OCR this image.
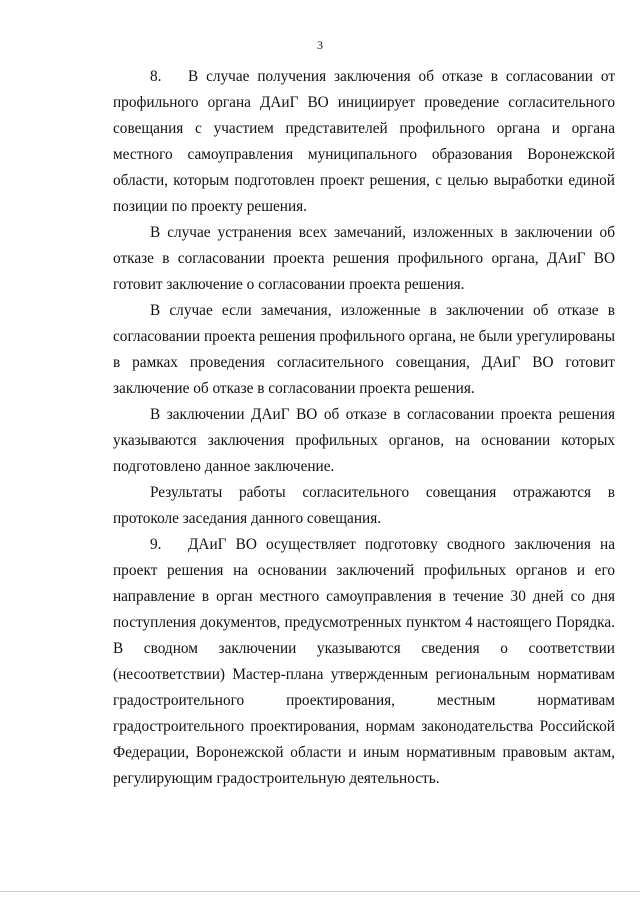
3

8. В случае получения заключения об отказе в согласовании от профильного органа ДАиГ ВО инициирует проведение согласительного совещания с участием представителей профильного органа и органа местного самоуправления муниципального образования Воронежской области, которым подготовлен проект решения, с целью выработки единой позиции по проекту решения.

В случае устранения всех замечаний, изложенных в заключении об отказе в согласовании проекта решения профильного органа, ДАиГ ВО готовит заключение о согласовании проекта решения.

В случае если замечания, изложенные в заключении об отказе в согласовании проекта решения профильного органа, не были урегулированы в рамках проведения согласительного совещания, ДАиГ ВО готовит заключение об отказе в согласовании проекта решения.

В заключении ДАиГ ВО об отказе в согласовании проекта решения указываются заключения профильных органов, на основании которых подготовлено данное заключение.

Результаты работы согласительного совещания отражаются в протоколе заседания данного совещания.

9. ДАиГ ВО осуществляет подготовку сводного заключения на проект решения на основании заключений профильных органов и его направление в орган местного самоуправления в течение 30 дней со дня поступления документов, предусмотренных пунктом 4 настоящего Порядка. В сводном заключении указываются сведения о соответствии (несоответствии) Мастер-плана утвержденным региональным нормативам градостроительного проектирования, местным нормативам градостроительного проектирования, нормам законодательства Российской Федерации, Воронежской области и иным нормативным правовым актам, регулирующим градостроительную деятельность.
